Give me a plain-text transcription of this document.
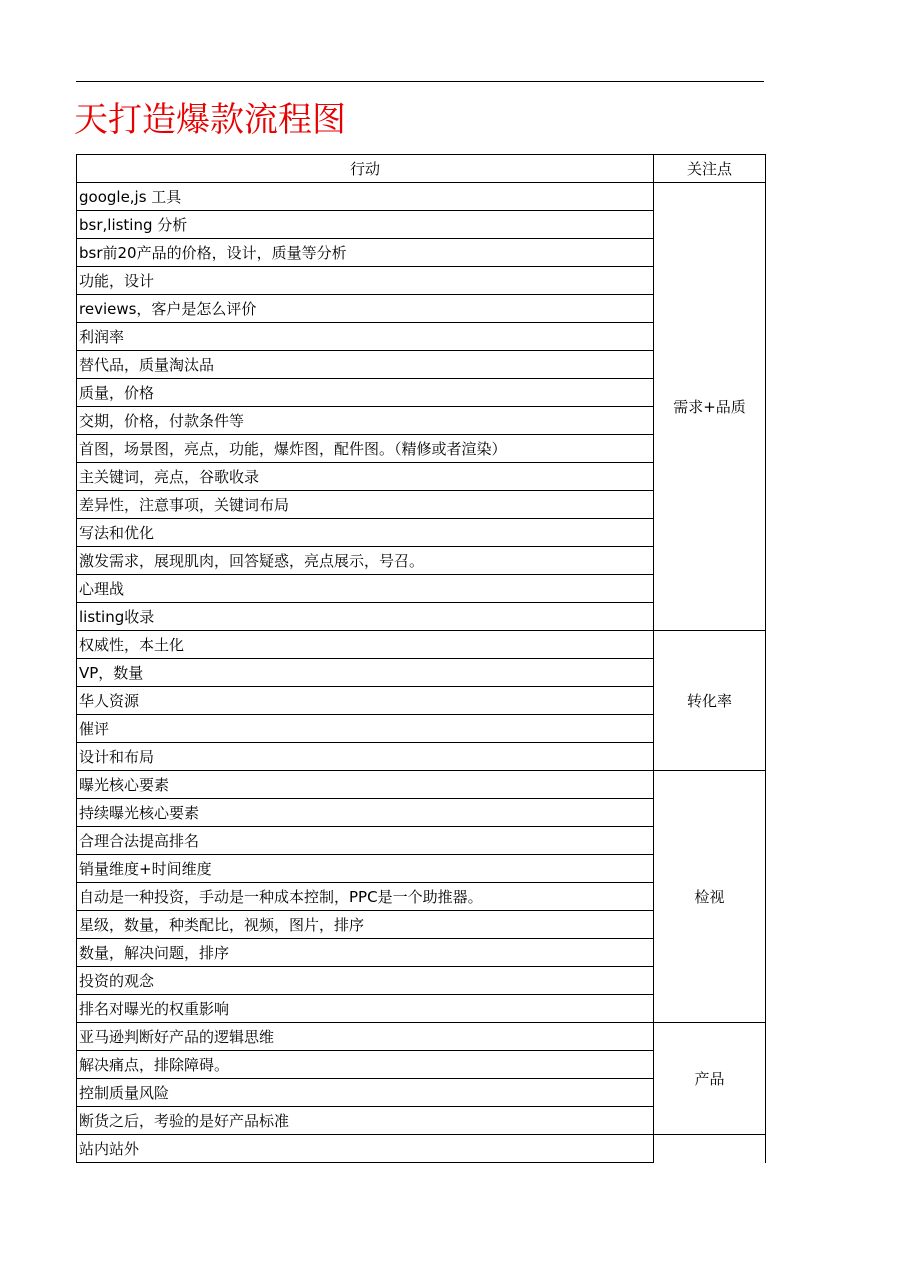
天打造爆款流程图
行动	关注点
google,js 工具	需求+品质
bsr,listing 分析	
bsr前20产品的价格，设计，质量等分析	
功能，设计	
reviews，客户是怎么评价	
利润率	
替代品，质量淘汰品	
质量，价格	
交期，价格，付款条件等	
首图，场景图，亮点，功能，爆炸图，配件图。（精修或者渲染）	
主关键词，亮点，谷歌收录	
差异性，注意事项，关键词布局	
写法和优化	
激发需求，展现肌肉，回答疑惑，亮点展示，号召。	
心理战	
listing收录	
权威性，本土化	转化率
VP，数量	
华人资源	
催评	
设计和布局	
曝光核心要素	检视
持续曝光核心要素	
合理合法提高排名	
销量维度+时间维度	
自动是一种投资，手动是一种成本控制，PPC是一个助推器。	
星级，数量，种类配比，视频，图片，排序	
数量，解决问题，排序	
投资的观念	
排名对曝光的权重影响	
亚马逊判断好产品的逻辑思维	产品
解决痛点，排除障碍。	
控制质量风险	
断货之后，考验的是好产品标准	
站内站外	
